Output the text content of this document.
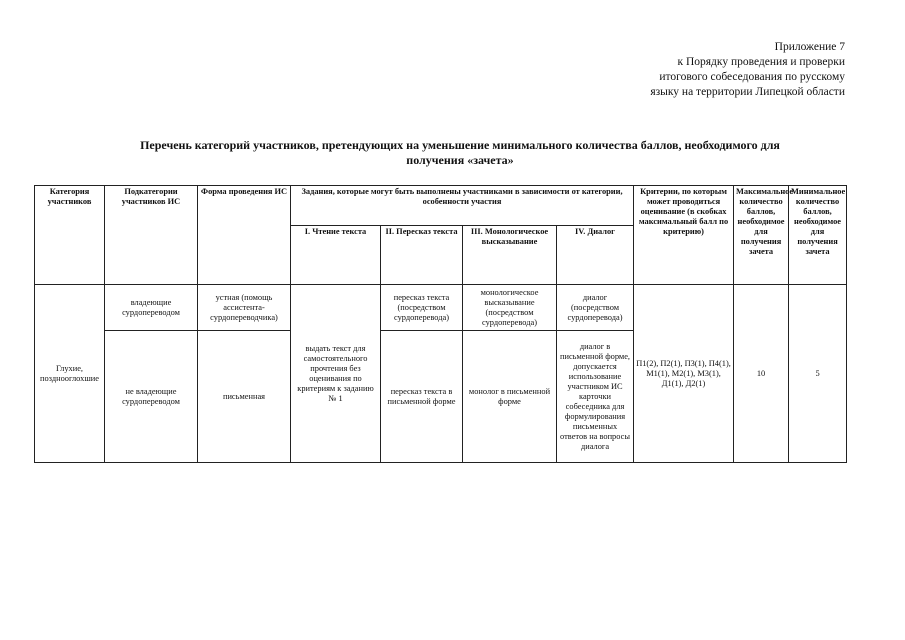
Приложение 7
к Порядку проведения и проверки
итогового собеседования по русскому
языку на территории Липецкой области
Перечень категорий участников, претендующих на уменьшение минимального количества баллов, необходимого для
получения «зачета»
Категория участников	Подкатегории участников ИС	Форма проведения ИС	Задания, которые могут быть выполнены участниками в зависимости от категории, особенности участия				Критерии, по которым может проводиться оценивание (в скобках максимальный балл по критерию)	Максимальное количество баллов, необходимое для получения зачета	Минимальное количество баллов, необходимое для получения зачета
			I. Чтение текста	II. Пересказ текста	III. Монологическое высказывание	IV. Диалог			
Глухие, позднооглохшие	владеющие сурдопереводом	устная (помощь ассистента-сурдопереводчика)	выдать текст для самостоятельного прочтения без оценивания по критериям к заданию № 1	пересказ текста (посредством сурдоперевода)	монологическое высказывание (посредством сурдоперевода)	диалог (посредством сурдоперевода)	П1(2), П2(1), П3(1), П4(1), М1(1), М2(1), М3(1), Д1(1), Д2(1)	10	5
	не владеющие сурдопереводом	письменная		пересказ текста в письменной форме	монолог в письменной форме	диалог в письменной форме, допускается использование участником ИС карточки собеседника для формулирования письменных ответов на вопросы диалога			
